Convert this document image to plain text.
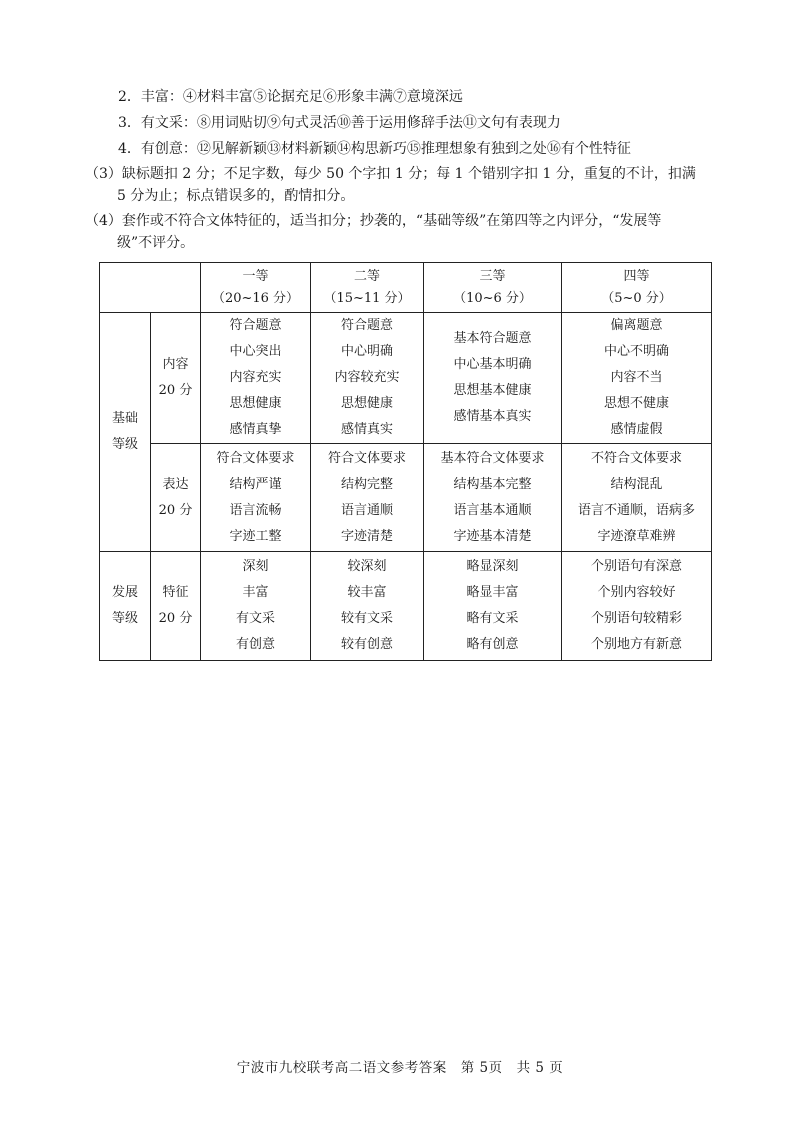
2．丰富：④材料丰富⑤论据充足⑥形象丰满⑦意境深远
3．有文采：⑧用词贴切⑨句式灵活⑩善于运用修辞手法⑪文句有表现力
4．有创意：⑫见解新颖⑬材料新颖⑭构思新巧⑮推理想象有独到之处⑯有个性特征
（3）缺标题扣 2 分；不足字数，每少 50 个字扣 1 分；每 1 个错别字扣 1 分，重复的不计，扣满
5 分为止；标点错误多的，酌情扣分。
（4）套作或不符合文体特征的，适当扣分；抄袭的，“基础等级”在第四等之内评分，“发展等
级”不评分。

		一等
（20~16 分）	二等
（15~11 分）	三等
（10~6 分）	四等
（5~0 分）

基础等级	内容
20 分	符合题意
中心突出
内容充实
思想健康
感情真挚	符合题意
中心明确
内容较充实
思想健康
感情真实	基本符合题意
中心基本明确
思想基本健康
感情基本真实	偏离题意
中心不明确
内容不当
思想不健康
感情虚假

	表达
20 分	符合文体要求
结构严谨
语言流畅
字迹工整	符合文体要求
结构完整
语言通顺
字迹清楚	基本符合文体要求
结构基本完整
语言基本通顺
字迹基本清楚	不符合文体要求
结构混乱
语言不通顺，语病多
字迹潦草难辨

发展等级	特征
20 分	深刻
丰富
有文采
有创意	较深刻
较丰富
较有文采
较有创意	略显深刻
略显丰富
略有文采
略有创意	个别语句有深意
个别内容较好
个别语句较精彩
个别地方有新意
宁波市九校联考高二语文参考答案　第 5页　共 5 页
